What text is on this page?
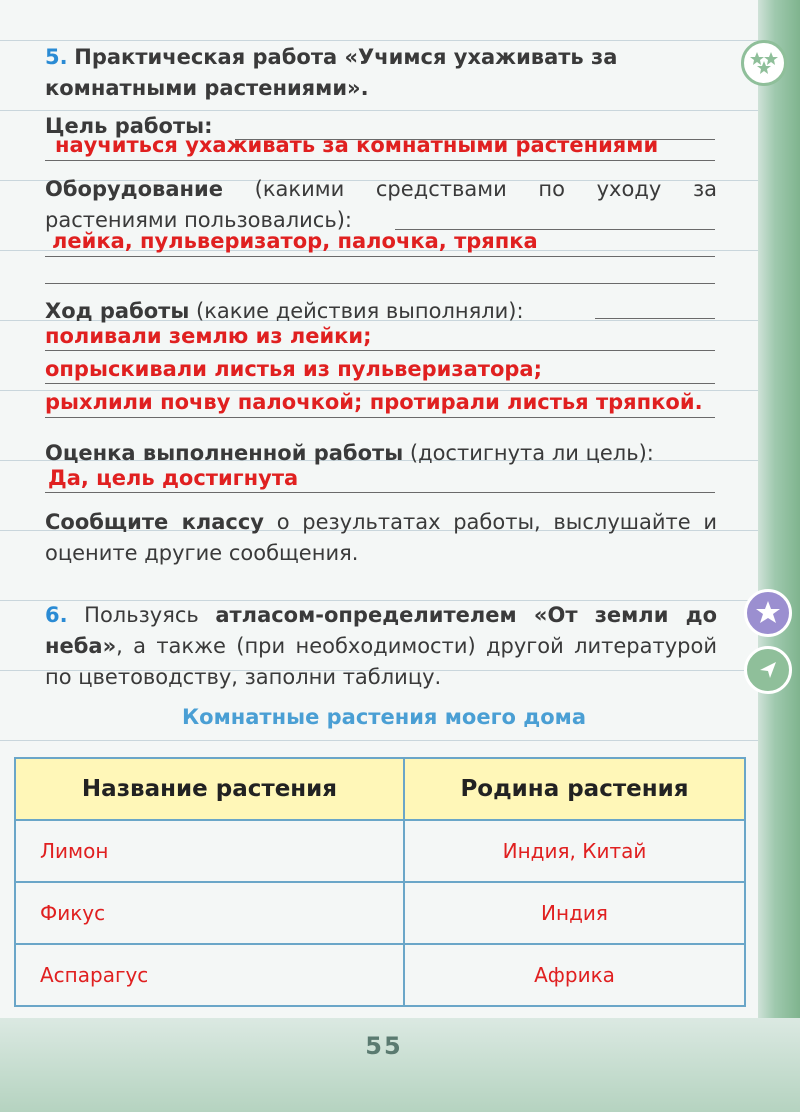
5. Практическая работа «Учимся ухаживать за комнатными растениями».
Цель работы:
научиться ухаживать за комнатными растениями
Оборудование (какими средствами по уходу за растениями пользовались):
лейка, пульверизатор, палочка, тряпка
Ход работы (какие действия выполняли):
поливали землю из лейки;
опрыскивали листья из пульверизатора;
рыхлили почву палочкой; протирали листья тряпкой.
Оценка выполненной работы (достигнута ли цель):
Да, цель достигнута
Сообщите классу о результатах работы, выслушайте и оцените другие сообщения.
6. Пользуясь атласом-определителем «От земли до неба», а также (при необходимости) другой литературой по цветоводству, заполни таблицу.
Комнатные растения моего дома
Название растения	Родина растения
Лимон	Индия, Китай
Фикус	Индия
Аспарагус	Африка
55
